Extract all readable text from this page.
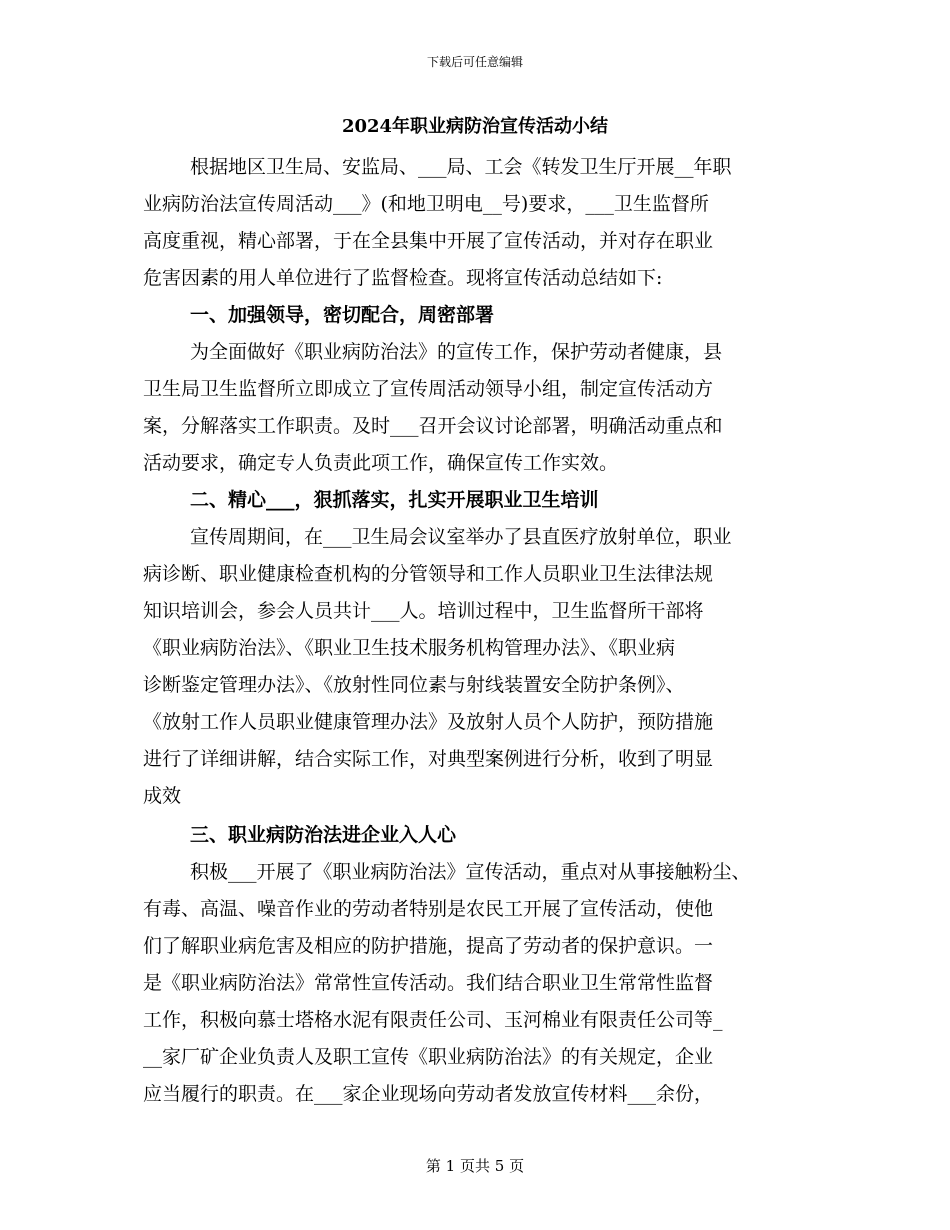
下载后可任意编辑
2024年职业病防治宣传活动小结
根据地区卫生局、安监局、___局、工会《转发卫生厅开展__年职
业病防治法宣传周活动___》(和地卫明电__号)要求，___卫生监督所
高度重视，精心部署，于在全县集中开展了宣传活动，并对存在职业
危害因素的用人单位进行了监督检查。现将宣传活动总结如下:
一、加强领导，密切配合，周密部署
为全面做好《职业病防治法》的宣传工作，保护劳动者健康，县
卫生局卫生监督所立即成立了宣传周活动领导小组，制定宣传活动方
案，分解落实工作职责。及时___召开会议讨论部署，明确活动重点和
活动要求，确定专人负责此项工作，确保宣传工作实效。
二、精心___，狠抓落实，扎实开展职业卫生培训
宣传周期间，在___卫生局会议室举办了县直医疗放射单位，职业
病诊断、职业健康检查机构的分管领导和工作人员职业卫生法律法规
知识培训会，参会人员共计___人。培训过程中，卫生监督所干部将
《职业病防治法》、《职业卫生技术服务机构管理办法》、《职业病
诊断鉴定管理办法》、《放射性同位素与射线装置安全防护条例》、
《放射工作人员职业健康管理办法》及放射人员个人防护，预防措施
进行了详细讲解，结合实际工作，对典型案例进行分析，收到了明显
成效
三、职业病防治法进企业入人心
积极___开展了《职业病防治法》宣传活动，重点对从事接触粉尘、
有毒、高温、噪音作业的劳动者特别是农民工开展了宣传活动，使他
们了解职业病危害及相应的防护措施，提高了劳动者的保护意识。一
是《职业病防治法》常常性宣传活动。我们结合职业卫生常常性监督
工作，积极向慕士塔格水泥有限责任公司、玉河棉业有限责任公司等_
__家厂矿企业负责人及职工宣传《职业病防治法》的有关规定，企业
应当履行的职责。在___家企业现场向劳动者发放宣传材料___余份，
第 1 页共 5 页
